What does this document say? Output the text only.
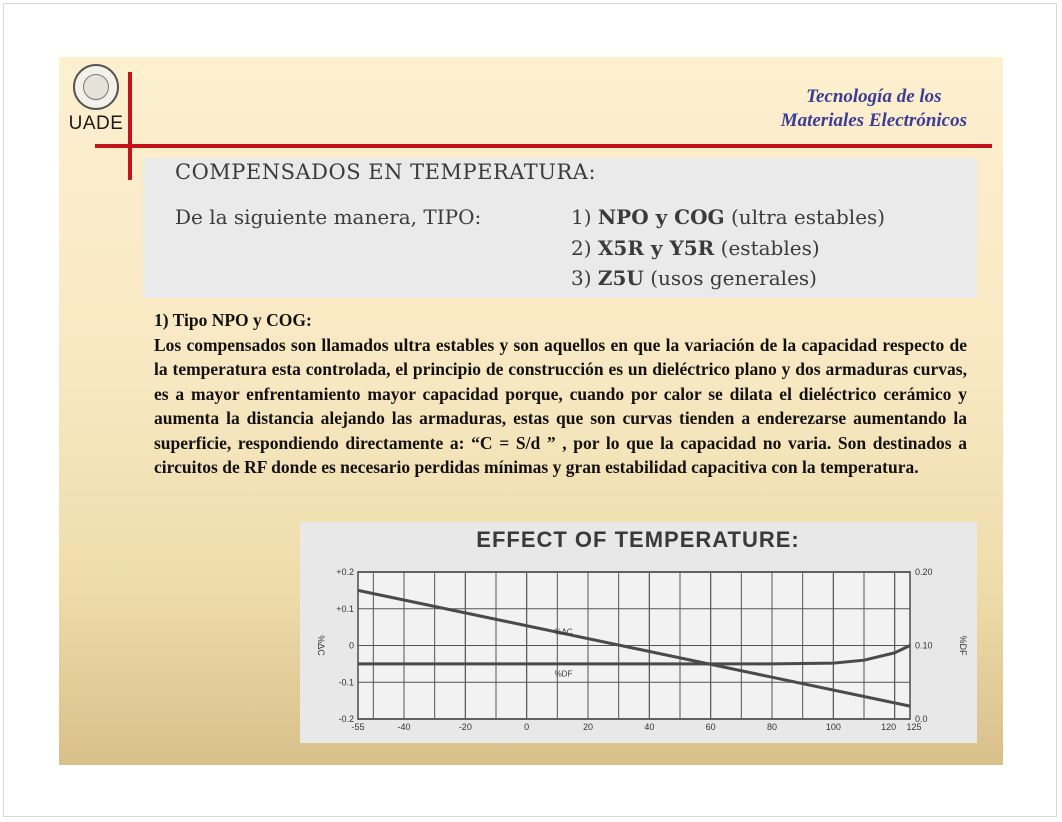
UADE
Tecnología de los
Materiales Electrónicos
COMPENSADOS EN TEMPERATURA:
De la siguiente manera, TIPO:	1) NPO y COG (ultra estables)
2) X5R y Y5R (estables)
3) Z5U (usos generales)
1) Tipo NPO y COG:
Los compensados son llamados ultra estables y son aquellos en que la variación de la capacidad respecto de la temperatura esta controlada, el principio de construcción es un dieléctrico plano y dos armaduras curvas, es a mayor enfrentamiento mayor capacidad porque, cuando por calor se dilata el dieléctrico cerámico y aumenta la distancia alejando las armaduras, estas que son curvas tienden a enderezarse aumentando la superficie, respondiendo directamente a: “C = S/d ” , por lo que la capacidad no varia. Son destinados a circuitos de RF donde es necesario perdidas mínimas y gran estabilidad capacitiva con la temperatura.
EFFECT OF TEMPERATURE:
+0.2
+0.1
0
-0.1
-0.2
0.20
0.10
0.0
-55	-40	-20	0	20	40	60	80	100	120 125
%ΔC	%DF
%ΔC
%DF
